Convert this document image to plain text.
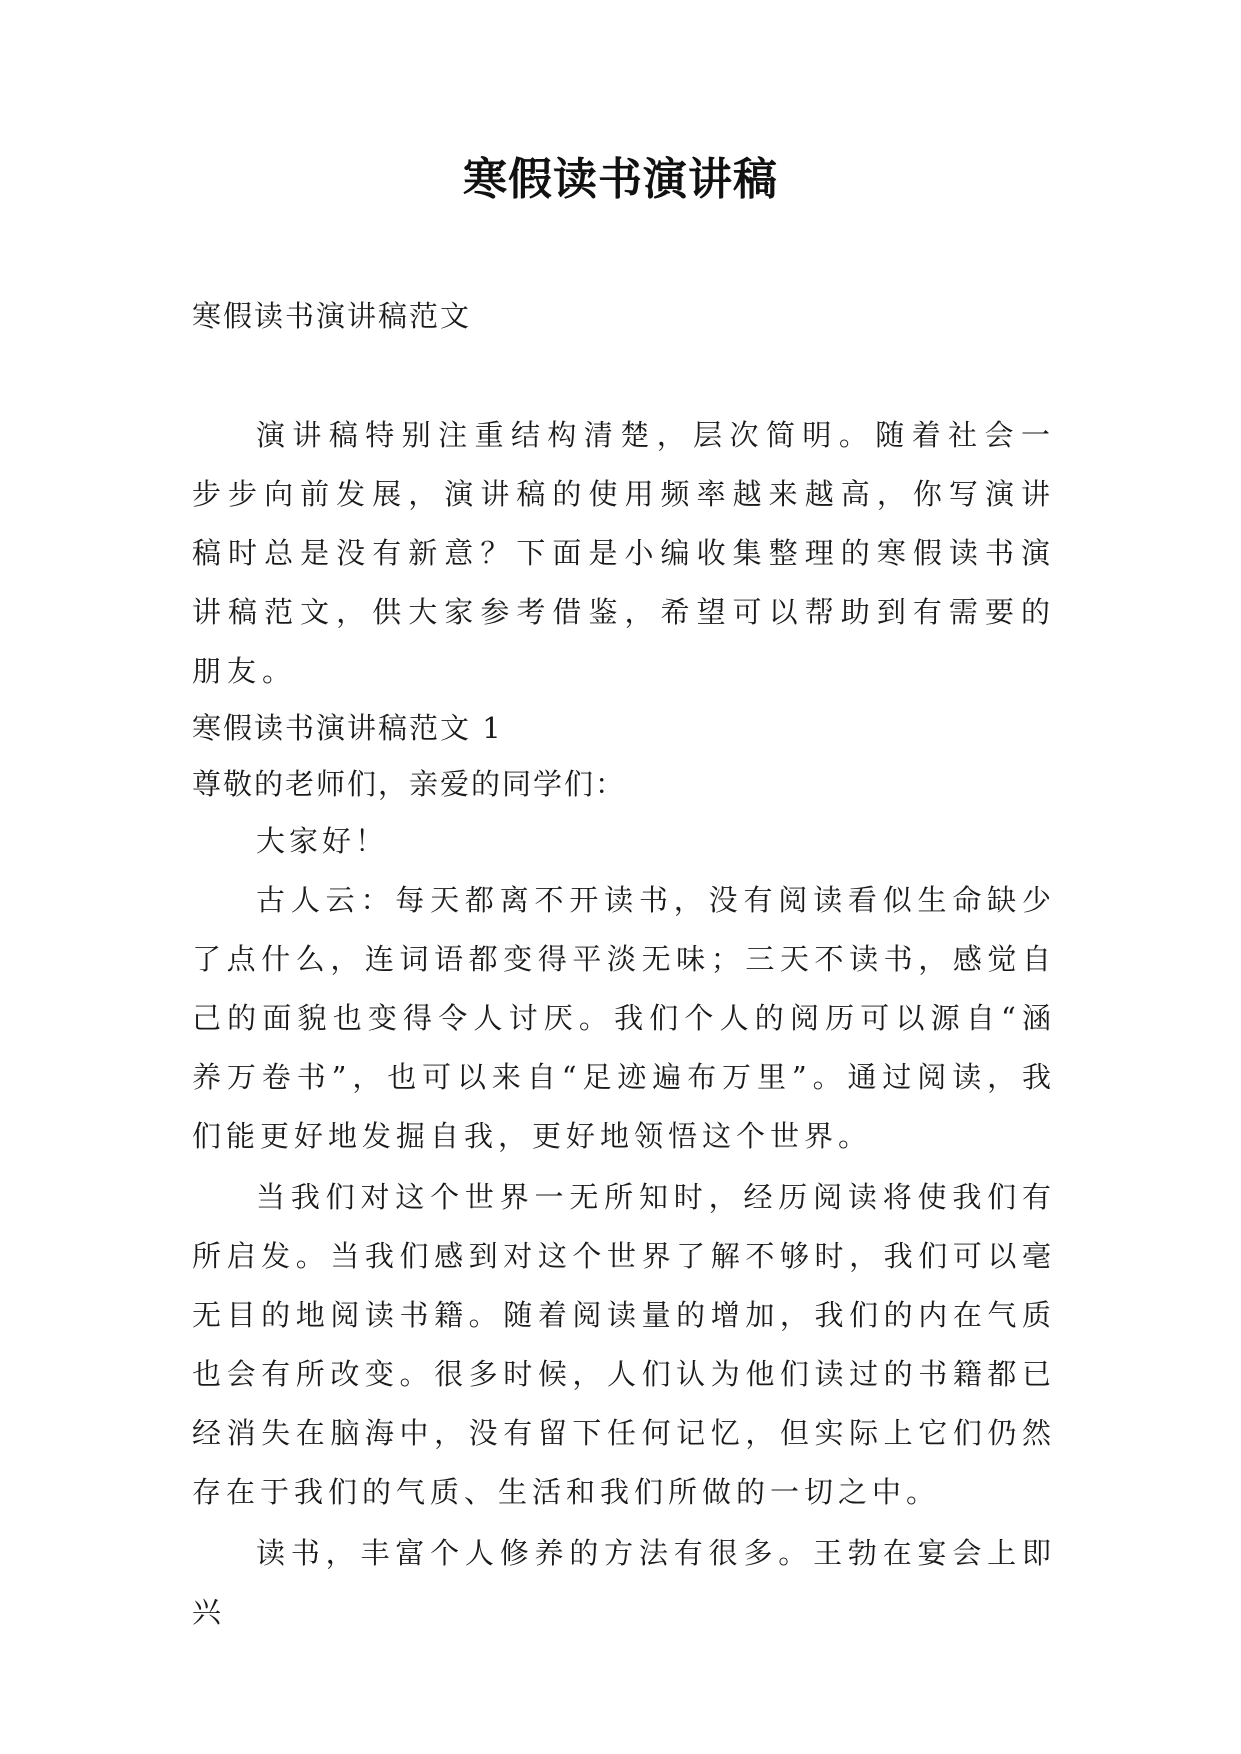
寒假读书演讲稿
寒假读书演讲稿范文
演讲稿特别注重结构清楚，层次简明。随着社会一步步向前发展，演讲稿的使用频率越来越高，你写演讲稿时总是没有新意？下面是小编收集整理的寒假读书演讲稿范文，供大家参考借鉴，希望可以帮助到有需要的朋友。
寒假读书演讲稿范文 1
尊敬的老师们，亲爱的同学们：
大家好！

古人云：每天都离不开读书，没有阅读看似生命缺少了点什么，连词语都变得平淡无味；三天不读书，感觉自己的面貌也变得令人讨厌。我们个人的阅历可以源自“涵养万卷书”，也可以来自“足迹遍布万里”。通过阅读，我们能更好地发掘自我，更好地领悟这个世界。

当我们对这个世界一无所知时，经历阅读将使我们有所启发。当我们感到对这个世界了解不够时，我们可以毫无目的地阅读书籍。随着阅读量的增加，我们的内在气质也会有所改变。很多时候，人们认为他们读过的书籍都已经消失在脑海中，没有留下任何记忆，但实际上它们仍然存在于我们的气质、生活和我们所做的一切之中。

读书，丰富个人修养的方法有很多。王勃在宴会上即兴
